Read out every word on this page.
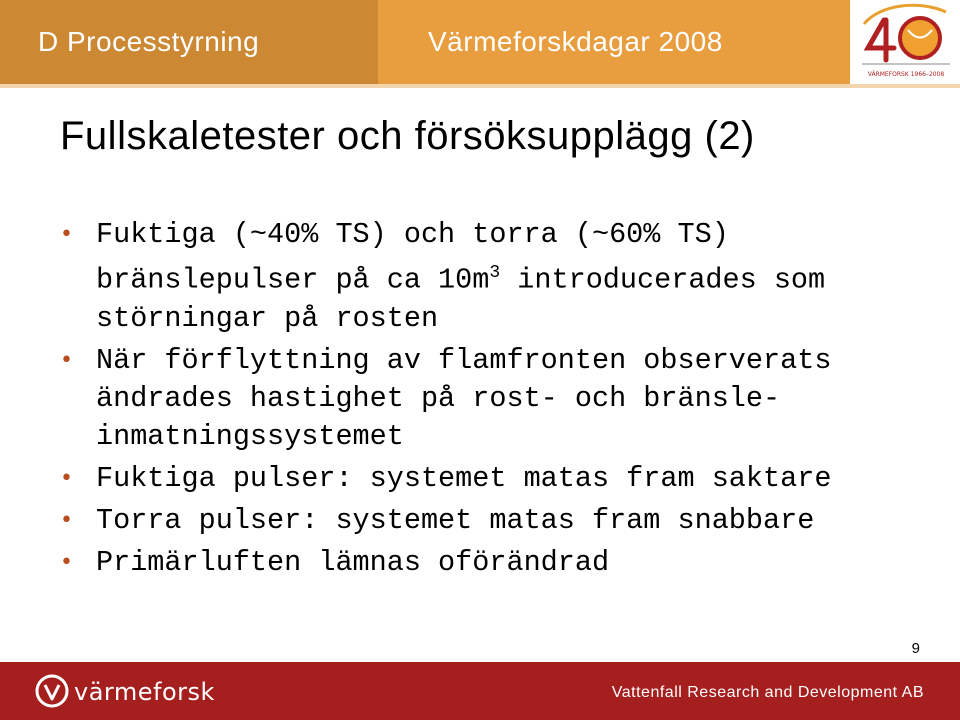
D Processtyrning	Värmeforskdagar 2008
VÄRMEFORSK 1966–2008
Fullskaletester och försöksupplägg (2)
• Fuktiga (~40% TS) och torra (~60% TS) bränslepulser på ca $10m^3$ introducerades som störningar på rosten
• När förflyttning av flamfronten observerats ändrades hastighet på rost- och bränsle-inmatningssystemet
• Fuktiga pulser: systemet matas fram saktare
• Torra pulser: systemet matas fram snabbare
• Primärluften lämnas oförändrad
9
värmeforsk	Vattenfall Research and Development AB
